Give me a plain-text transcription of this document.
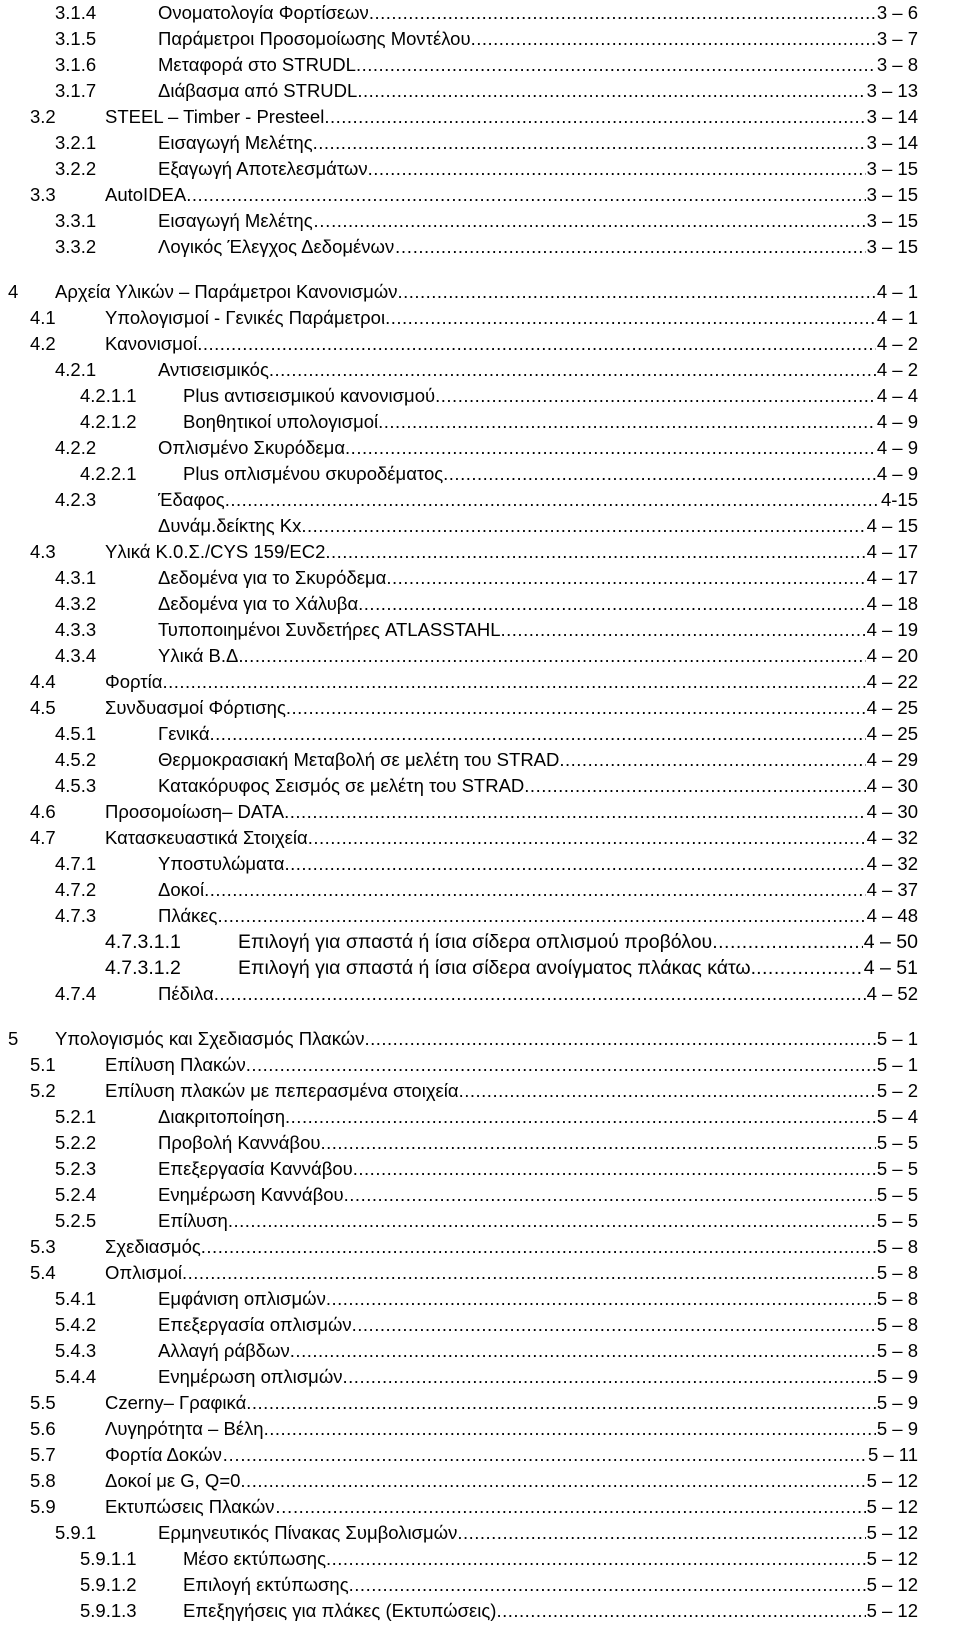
3.1.4	Ονοματολογία Φορτίσεων .....	3 – 6
3.1.5	Παράμετροι Προσομοίωσης Μοντέλου .....	3 – 7
3.1.6	Μεταφορά στο STRUDL .....	3 – 8
3.1.7	Διάβασμα από STRUDL .....	3 – 13
3.2	STEEL – Timber - Presteel .....	3 – 14
3.2.1	Εισαγωγή Μελέτης .....	3 – 14
3.2.2	Εξαγωγή Αποτελεσμάτων .....	3 – 15
3.3	AutoIDEA .....	3 – 15
3.3.1	Εισαγωγή Μελέτης… .....	3 – 15
3.3.2	Λογικός Έλεγχος Δεδομένων… .....	3 – 15
4 Αρχεία Υλικών – Παράμετροι Κανονισμών .....	4 – 1
4.1	Υπολογισμοί - Γενικές Παράμετροι .....	4 – 1
4.2	Κανονισμοί .....	4 – 2
4.2.1	Αντισεισμικός .....	4 – 2
4.2.1.1	Plus αντισεισμικού κανονισμού .....	4 – 4
4.2.1.2	Βοηθητικοί υπολογισμοί .....	4 – 9
4.2.2	Οπλισμένο Σκυρόδεμα .....	4 – 9
4.2.2.1	Plus οπλισμένου σκυροδέματος .....	4 – 9
4.2.3	Έδαφος .....	4-15
Δυνάμ.δείκτης Kx .....	4 – 15
4.3	Υλικά Κ.0.Σ./CYS 159/EC2 .....	4 – 17
4.3.1	Δεδομένα για το Σκυρόδεμα .....	4 – 17
4.3.2	Δεδομένα για το Χάλυβα .....	4 – 18
4.3.3	Τυποποιημένοι Συνδετήρες ATLASSTAHL .....	4 – 19
4.3.4	Υλικά Β.Δ. .....	4 – 20
4.4	Φορτία .....	4 – 22
4.5	Συνδυασμοί Φόρτισης .....	4 – 25
4.5.1	Γενικά .....	4 – 25
4.5.2	Θερμοκρασιακή Μεταβολή σε μελέτη του STRAD .....	4 – 29
4.5.3	Κατακόρυφος Σεισμός σε μελέτη του STRAD .....	4 – 30
4.6	Προσομοίωση– DATA .....	4 – 30
4.7	Κατασκευαστικά Στοιχεία .....	4 – 32
4.7.1	Υποστυλώματα .....	4 – 32
4.7.2	Δοκοί .....	4 – 37
4.7.3	Πλάκες .....	4 – 48
4.7.3.1.1	Επιλογή για σπαστά ή ίσια σίδερα οπλισμού προβόλου .....	4 – 50
4.7.3.1.2	Επιλογή για σπαστά ή ίσια σίδερα ανοίγματος πλάκας κάτω. .....	4 – 51
4.7.4	Πέδιλα .....	4 – 52
5 Υπολογισμός και Σχεδιασμός Πλακών .....	5 – 1
5.1	Επίλυση Πλακών .....	5 – 1
5.2	Επίλυση πλακών με πεπερασμένα στοιχεία .....	5 – 2
5.2.1	Διακριτοποίηση .....	5 – 4
5.2.2	Προβολή Καννάβου .....	5 – 5
5.2.3	Επεξεργασία Καννάβου .....	5 – 5
5.2.4	Ενημέρωση Καννάβου .....	5 – 5
5.2.5	Επίλυση .....	5 – 5
5.3	Σχεδιασμός .....	5 – 8
5.4	Οπλισμοί .....	5 – 8
5.4.1	Εμφάνιση οπλισμών .....	5 – 8
5.4.2	Επεξεργασία οπλισμών .....	5 – 8
5.4.3	Αλλαγή ράβδων .....	5 – 8
5.4.4	Ενημέρωση οπλισμών .....	5 – 9
5.5	Czerny– Γραφικά .....	5 – 9
5.6	Λυγηρότητα – Βέλη .....	5 – 9
5.7	Φορτία Δοκών… .....	5 – 11
5.8	Δοκοί με G, Q=0 .....	5 – 12
5.9	Εκτυπώσεις Πλακών… .....	5 – 12
5.9.1	Ερμηνευτικός Πίνακας Συμβολισμών .....	5 – 12
5.9.1.1	Μέσο εκτύπωσης .....	5 – 12
5.9.1.2	Επιλογή εκτύπωσης .....	5 – 12
5.9.1.3	Επεξηγήσεις για πλάκες (Εκτυπώσεις) .....	5 – 12
